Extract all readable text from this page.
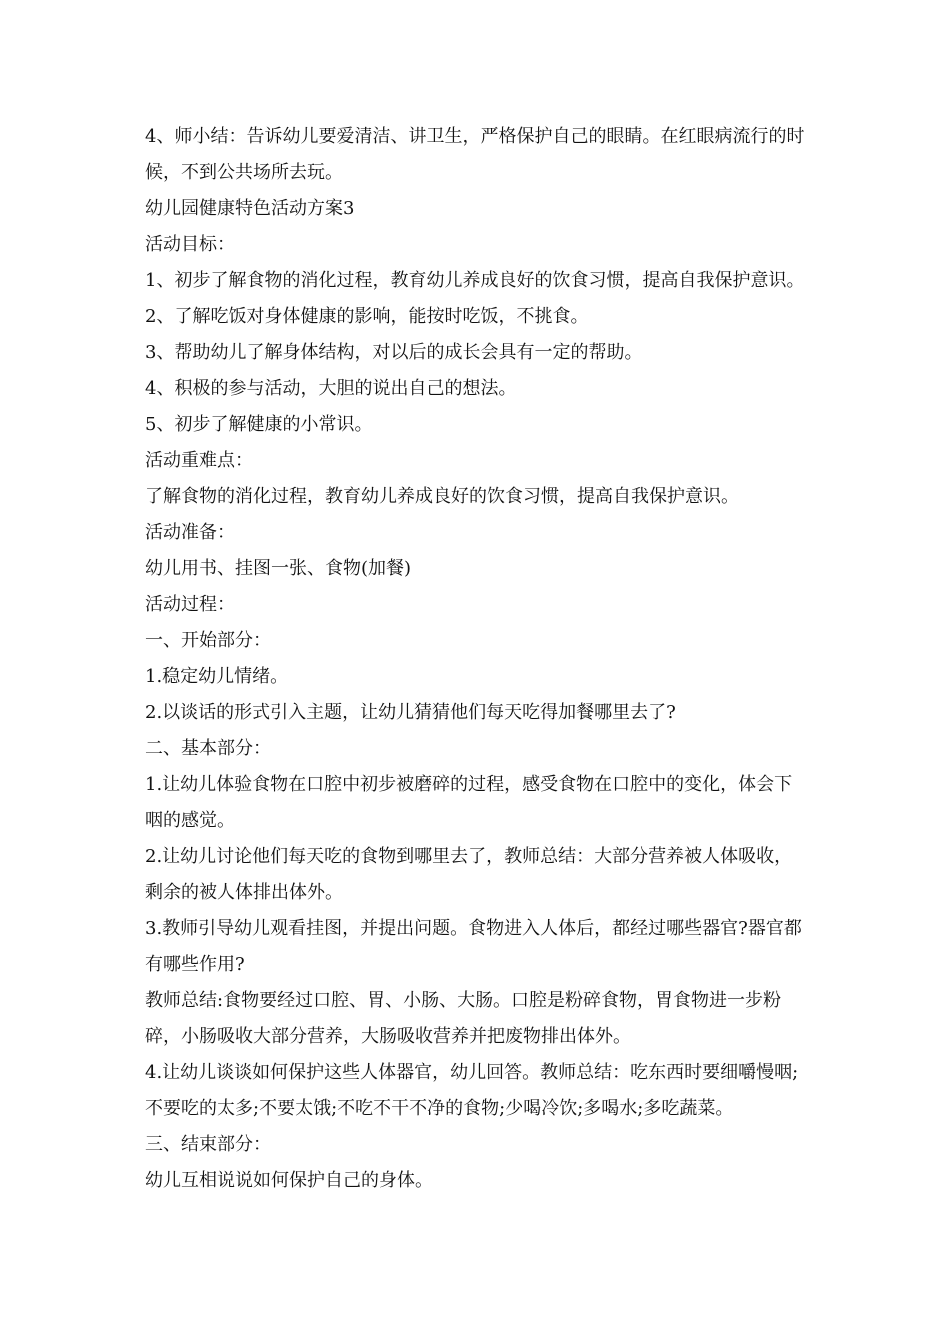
4、师小结：告诉幼儿要爱清洁、讲卫生，严格保护自己的眼睛。在红眼病流行的时候，不到公共场所去玩。

幼儿园健康特色活动方案3

活动目标：

1、初步了解食物的消化过程，教育幼儿养成良好的饮食习惯，提高自我保护意识。

2、了解吃饭对身体健康的影响，能按时吃饭，不挑食。

3、帮助幼儿了解身体结构，对以后的成长会具有一定的帮助。

4、积极的参与活动，大胆的说出自己的想法。

5、初步了解健康的小常识。

活动重难点：

了解食物的消化过程，教育幼儿养成良好的饮食习惯，提高自我保护意识。

活动准备：

幼儿用书、挂图一张、食物(加餐)

活动过程：

一、开始部分：

1.稳定幼儿情绪。

2.以谈话的形式引入主题，让幼儿猜猜他们每天吃得加餐哪里去了?

二、基本部分：

1.让幼儿体验食物在口腔中初步被磨碎的过程，感受食物在口腔中的变化，体会下咽的感觉。

2.让幼儿讨论他们每天吃的食物到哪里去了，教师总结：大部分营养被人体吸收，剩余的被人体排出体外。

3.教师引导幼儿观看挂图，并提出问题。食物进入人体后，都经过哪些器官?器官都有哪些作用?

教师总结:食物要经过口腔、胃、小肠、大肠。口腔是粉碎食物，胃食物进一步粉碎，小肠吸收大部分营养，大肠吸收营养并把废物排出体外。

4.让幼儿谈谈如何保护这些人体器官，幼儿回答。教师总结：吃东西时要细嚼慢咽;不要吃的太多;不要太饿;不吃不干不净的食物;少喝冷饮;多喝水;多吃蔬菜。

三、结束部分：

幼儿互相说说如何保护自己的身体。
